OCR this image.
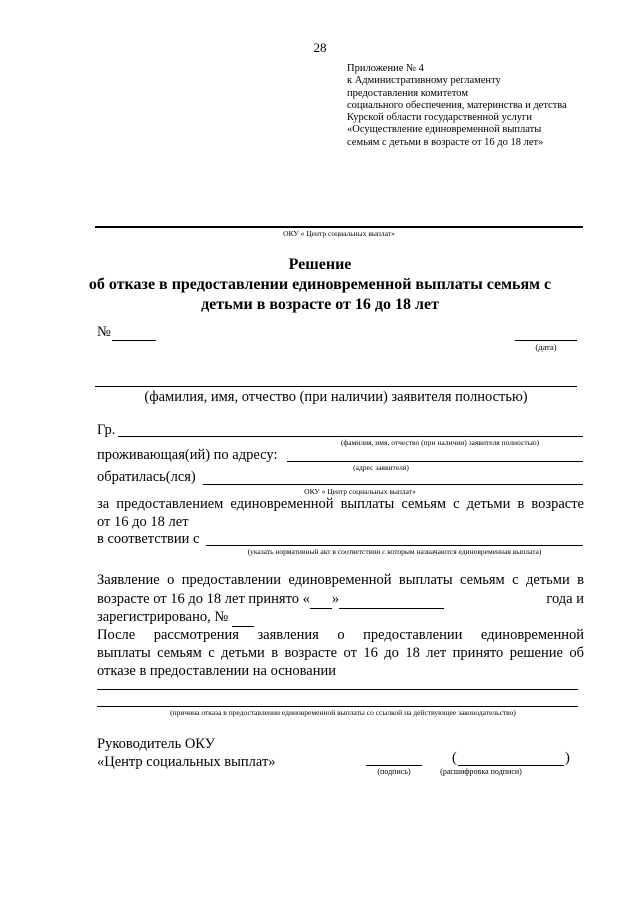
28
Приложение № 4
к Административному регламенту
предоставления комитетом
социального обеспечения, материнства и детства
Курской области государственной услуги
«Осуществление единовременной выплаты
семьям с детьми в возрасте от 16 до 18 лет»
ОКУ « Центр социальных выплат»
Решение
об отказе в предоставлении единовременной выплаты семьям с
детьми в возрасте от 16 до 18 лет
№
(дата)
(фамилия, имя, отчество (при наличии) заявителя полностью)
Гр.
(фамилия, имя, отчество (при наличии) заявителя полностью)
проживающая(ий) по адресу:
(адрес заявителя)
обратилась(лся)
ОКУ « Центр социальных выплат»
за предоставлением единовременной выплаты семьям с детьми в возрасте
от 16 до 18 лет
в соответствии с
(указать нормативный акт в соответствии с которым назначаются единовременная выплата)
Заявление о предоставлении единовременной выплаты семьям с детьми в
возрасте от 16 до 18 лет принято « »	года и
зарегистрировано, №
После рассмотрения заявления о предоставлении единовременной
выплаты семьям с детьми в возрасте от 16 до 18 лет принято решение об
отказе в предоставлении на основании
(причина отказа в предоставлении единовременной выплаты со ссылкой на действующее законодательство)
Руководитель ОКУ
«Центр социальных выплат»
(подпись)
(	)
(расшифровка подписи)
